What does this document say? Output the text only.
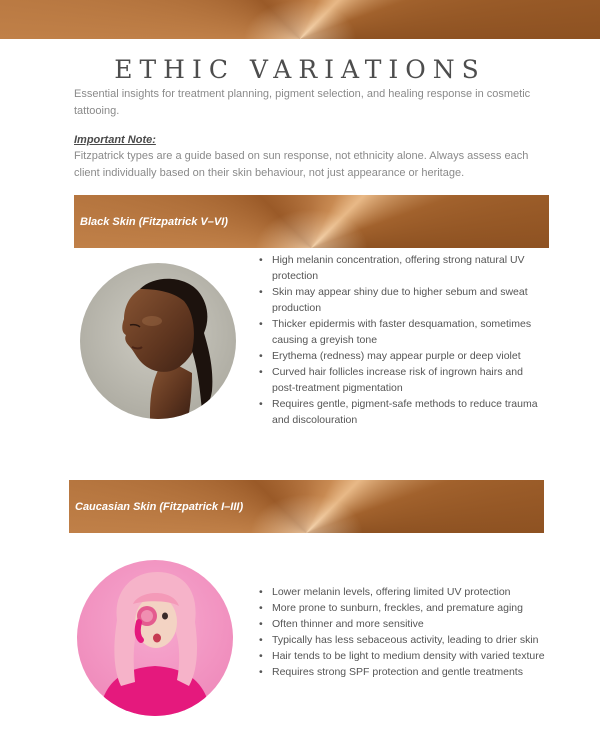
ETHIC VARIATIONS

Essential insights for treatment planning, pigment selection, and healing response in cosmetic tattooing.

Important Note:

Fitzpatrick types are a guide based on sun response, not ethnicity alone. Always assess each client individually based on their skin behaviour, not just appearance or heritage.

Black Skin (Fitzpatrick V–VI)
• High melanin concentration, offering strong natural UV protection
• Skin may appear shiny due to higher sebum and sweat production
• Thicker epidermis with faster desquamation, sometimes causing a greyish tone
• Erythema (redness) may appear purple or deep violet
• Curved hair follicles increase risk of ingrown hairs and post-treatment pigmentation
• Requires gentle, pigment-safe methods to reduce trauma and discolouration
Caucasian Skin (Fitzpatrick I–III)
• Lower melanin levels, offering limited UV protection
• More prone to sunburn, freckles, and premature aging
• Often thinner and more sensitive
• Typically has less sebaceous activity, leading to drier skin
• Hair tends to be light to medium density with varied texture
• Requires strong SPF protection and gentle treatments
